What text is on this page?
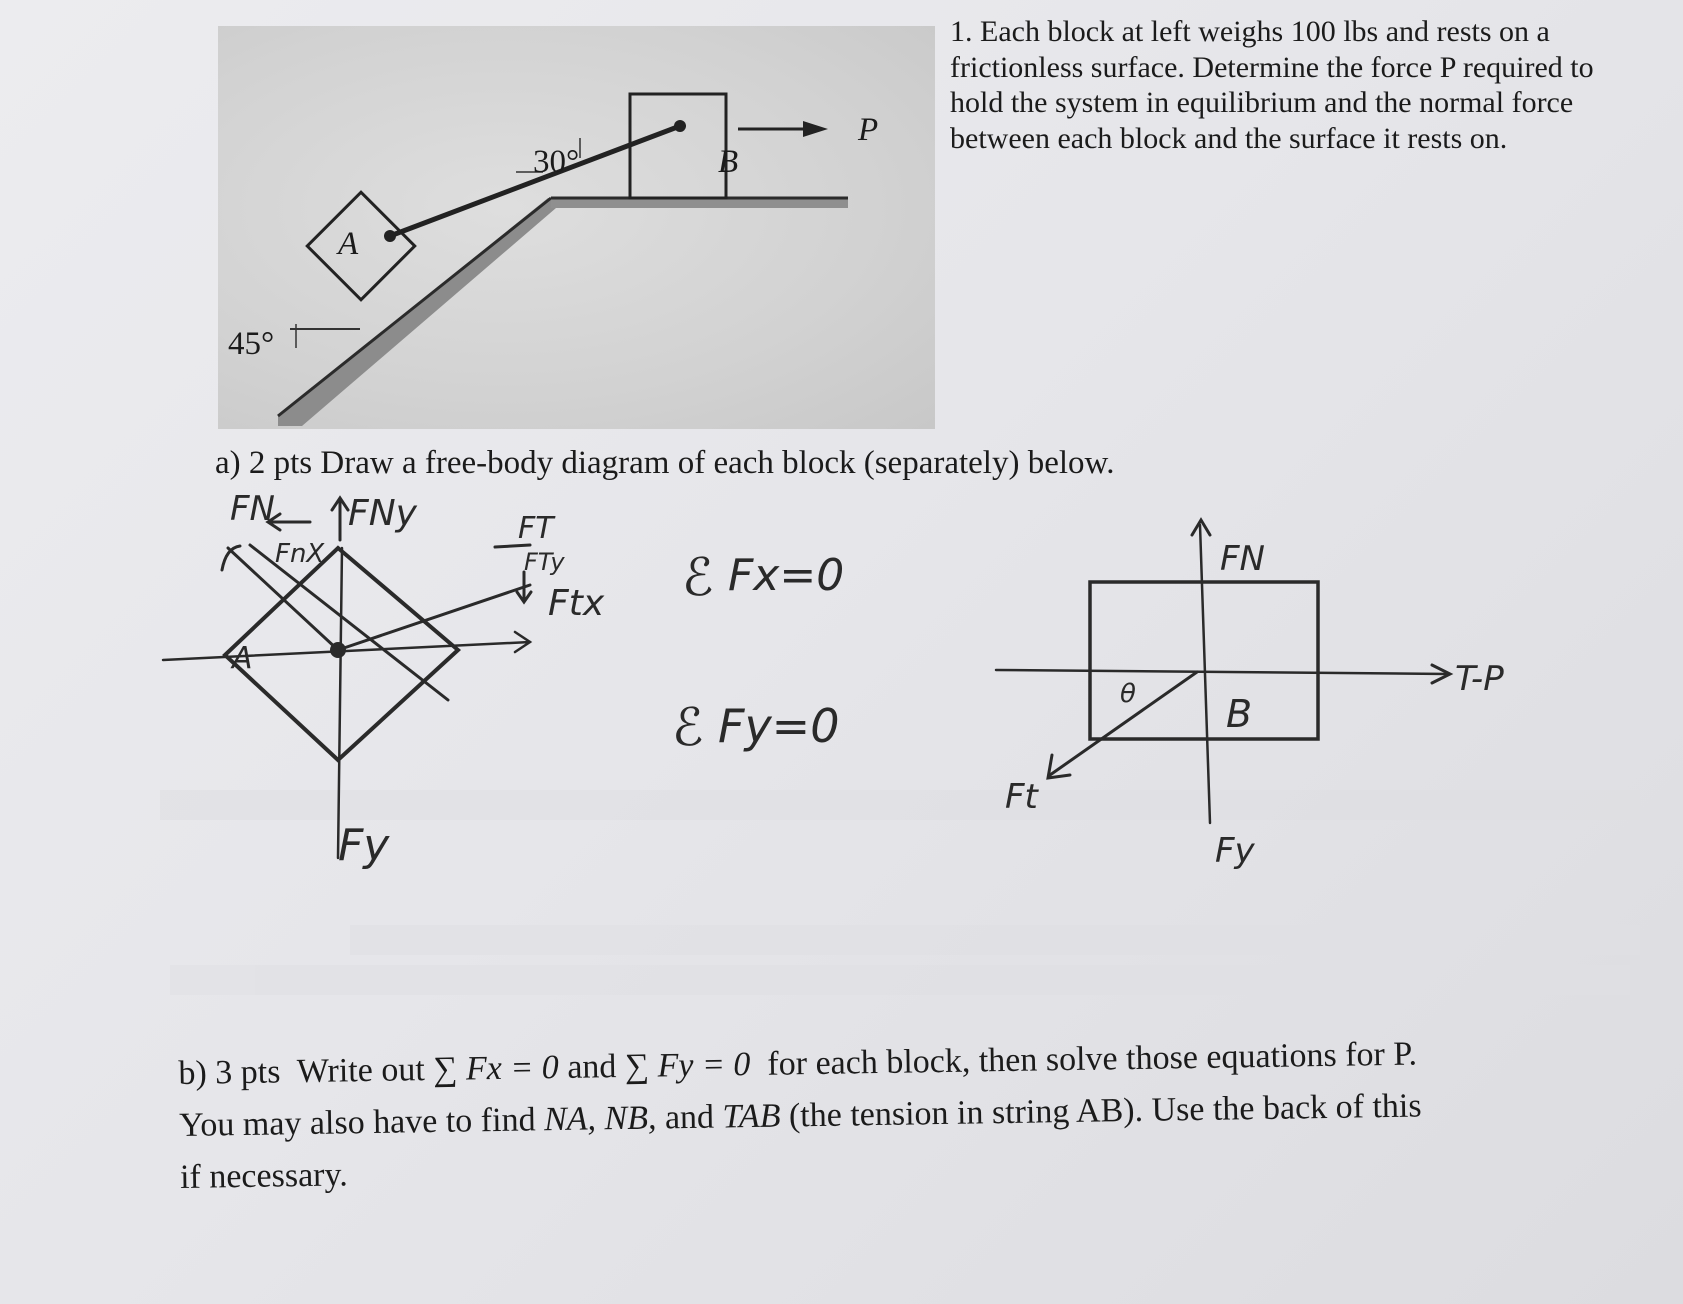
45°
30°
A
B
P

1. Each block at left weighs 100 lbs and rests on a frictionless surface. Determine the force P required to hold the system in equilibrium and the normal force between each block and the surface it rests on.

a) 2 pts Draw a free-body diagram of each block (separately) below.
FN FNy
FnX
FT
FTy
Ftx
A
Fy
ℰ Fx=0
ℰ Fy=0
FN
B
θ	T-P
Ft
Fy

b) 3 pts Write out ∑ Fx = 0 and ∑ Fy = 0 for each block, then solve those equations for P.
You may also have to find NA, NB, and TAB (the tension in string AB). Use the back of this
if necessary.
